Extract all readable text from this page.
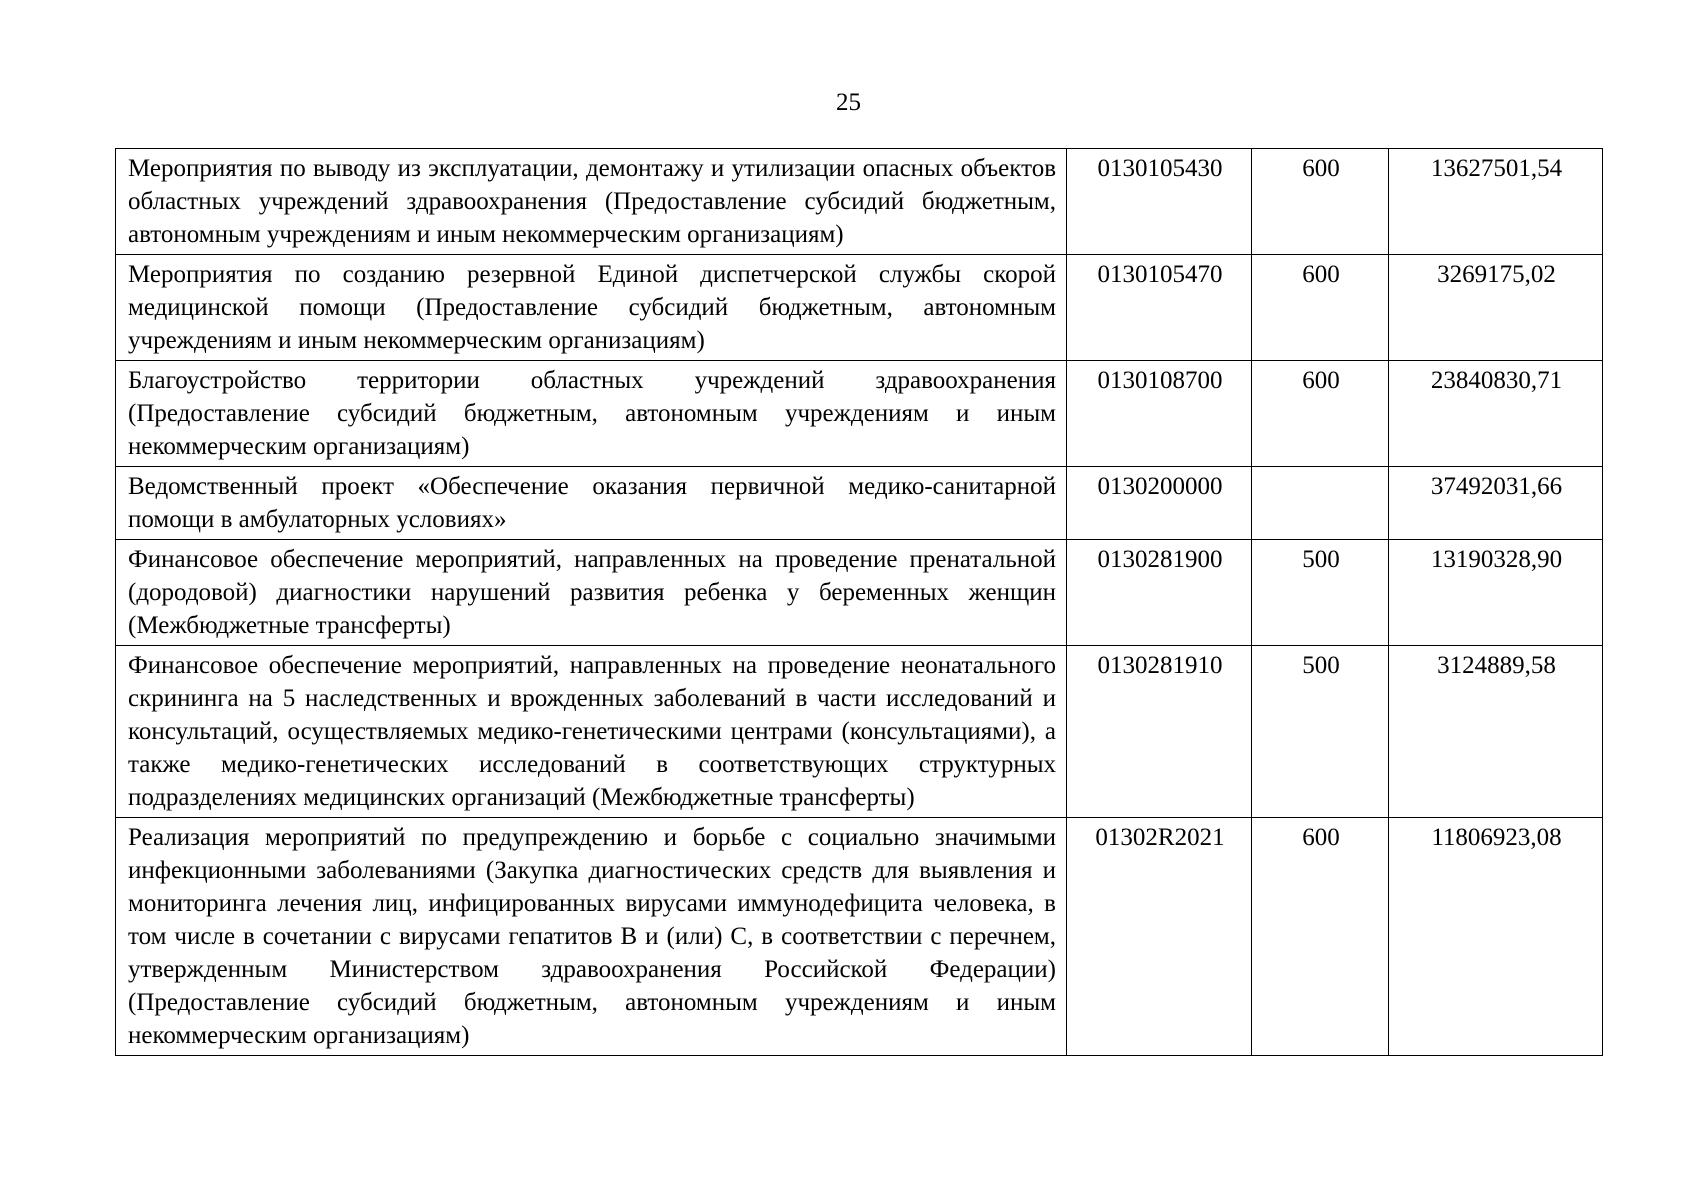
25
Мероприятия по выводу из эксплуатации, демонтажу и утилизации опасных объектов областных учреждений здравоохранения (Предоставление субсидий бюджетным, автономным учреждениям и иным некоммерческим организациям)	0130105430	600	13627501,54
Мероприятия по созданию резервной Единой диспетчерской службы скорой медицинской помощи (Предоставление субсидий бюджетным, автономным учреждениям и иным некоммерческим организациям)	0130105470	600	3269175,02
Благоустройство территории областных учреждений здравоохранения (Предоставление субсидий бюджетным, автономным учреждениям и иным некоммерческим организациям)	0130108700	600	23840830,71
Ведомственный проект «Обеспечение оказания первичной медико-санитарной помощи в амбулаторных условиях»	0130200000		37492031,66
Финансовое обеспечение мероприятий, направленных на проведение пренатальной (дородовой) диагностики нарушений развития ребенка у беременных женщин (Межбюджетные трансферты)	0130281900	500	13190328,90
Финансовое обеспечение мероприятий, направленных на проведение неонатального скрининга на 5 наследственных и врожденных заболеваний в части исследований и консультаций, осуществляемых медико-генетическими центрами (консультациями), а также медико-генетических исследований в соответствующих структурных подразделениях медицинских организаций (Межбюджетные трансферты)	0130281910	500	3124889,58
Реализация мероприятий по предупреждению и борьбе с социально значимыми инфекционными заболеваниями (Закупка диагностических средств для выявления и мониторинга лечения лиц, инфицированных вирусами иммунодефицита человека, в том числе в сочетании с вирусами гепатитов В и (или) С, в соответствии с перечнем, утвержденным Министерством здравоохранения Российской Федерации) (Предоставление субсидий бюджетным, автономным учреждениям и иным некоммерческим организациям)	01302R2021	600	11806923,08
